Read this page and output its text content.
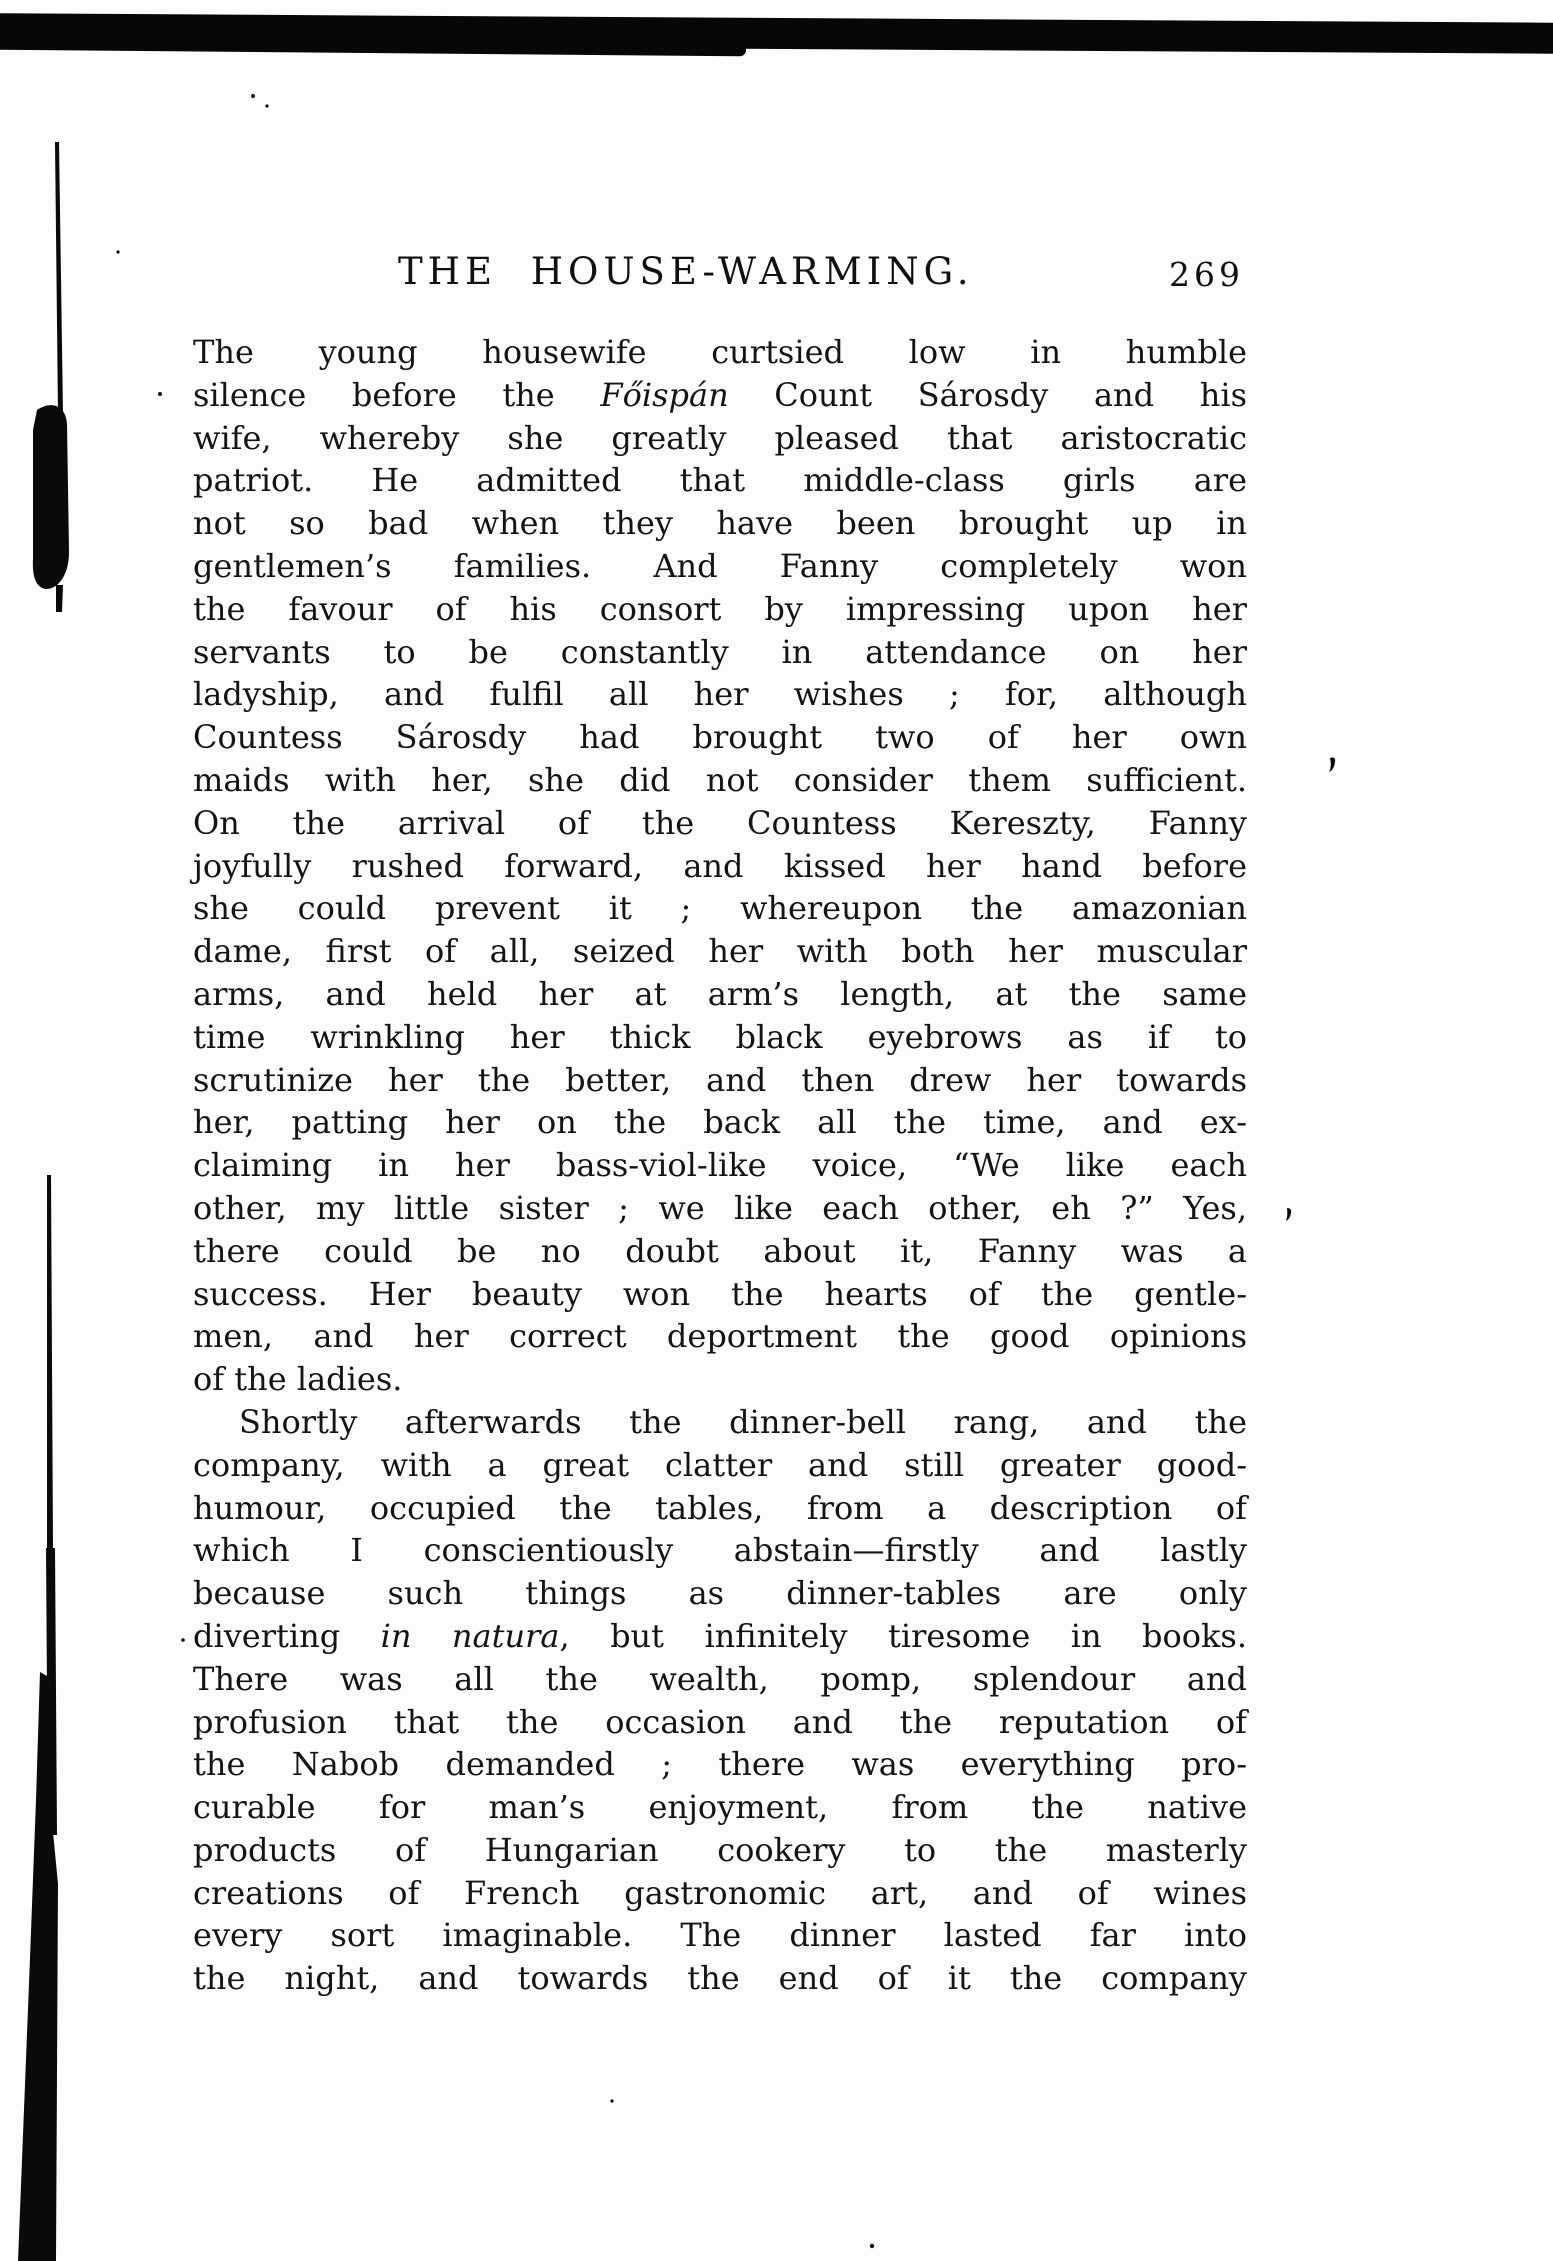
THE HOUSE-WARMING.	269
The young housewife curtsied low in humble
silence before the Főispán Count Sárosdy and his
wife, whereby she greatly pleased that aristocratic
patriot. He admitted that middle-class girls are
not so bad when they have been brought up in
gentlemen’s families. And Fanny completely won
the favour of his consort by impressing upon her
servants to be constantly in attendance on her
ladyship, and fulfil all her wishes ; for, although
Countess Sárosdy had brought two of her own
maids with her, she did not consider them sufficient.
On the arrival of the Countess Kereszty, Fanny
joyfully rushed forward, and kissed her hand before
she could prevent it ; whereupon the amazonian
dame, first of all, seized her with both her muscular
arms, and held her at arm’s length, at the same
time wrinkling her thick black eyebrows as if to
scrutinize her the better, and then drew her towards
her, patting her on the back all the time, and ex-
claiming in her bass-viol-like voice, “We like each
other, my little sister ; we like each other, eh ?” Yes,
there could be no doubt about it, Fanny was a
success. Her beauty won the hearts of the gentle-
men, and her correct deportment the good opinions
of the ladies.
Shortly afterwards the dinner-bell rang, and the
company, with a great clatter and still greater good-
humour, occupied the tables, from a description of
which I conscientiously abstain—firstly and lastly
because such things as dinner-tables are only
diverting in natura, but infinitely tiresome in books.
There was all the wealth, pomp, splendour and
profusion that the occasion and the reputation of
the Nabob demanded ; there was everything pro-
curable for man’s enjoyment, from the native
products of Hungarian cookery to the masterly
creations of French gastronomic art, and of wines
every sort imaginable. The dinner lasted far into
the night, and towards the end of it the company
